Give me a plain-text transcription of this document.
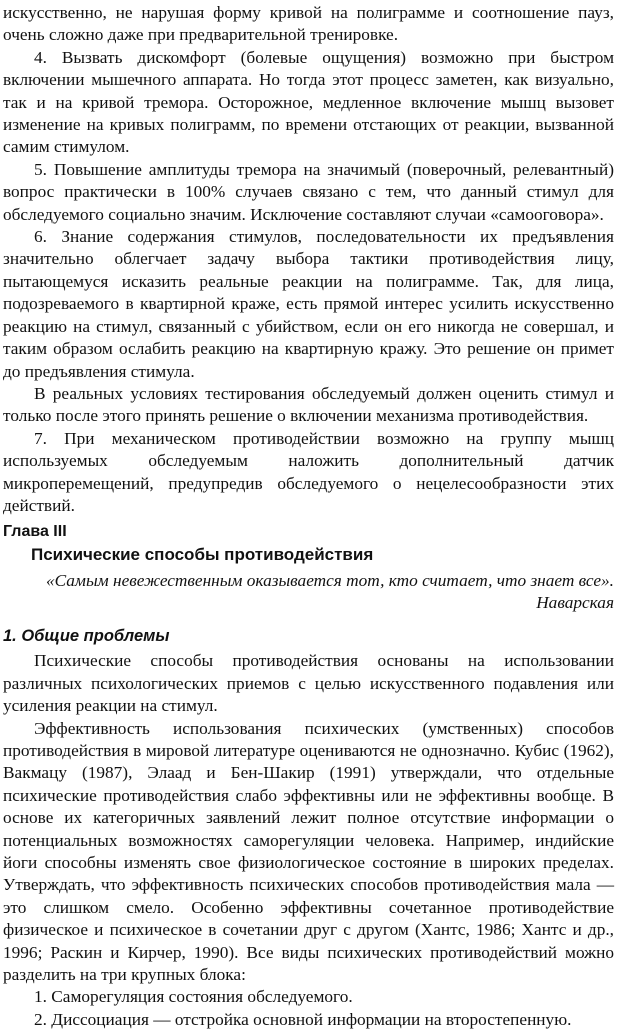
искусственно, не нарушая форму кривой на полиграмме и соотношение пауз, очень сложно даже при предварительной тренировке.

4. Вызвать дискомфорт (болевые ощущения) возможно при быстром включении мышечного аппарата. Но тогда этот процесс заметен, как визуально, так и на кривой тремора. Осторожное, медленное включение мышц вызовет изменение на кривых полиграмм, по времени отстающих от реакции, вызванной самим стимулом.

5. Повышение амплитуды тремора на значимый (поверочный, релевантный) вопрос практически в 100% случаев связано с тем, что данный стимул для обследуемого социально значим. Исключение составляют случаи «самооговора».

6. Знание содержания стимулов, последовательности их предъявления значительно облегчает задачу выбора тактики противодействия лицу, пытающемуся исказить реальные реакции на полиграмме. Так, для лица, подозреваемого в квартирной краже, есть прямой интерес усилить искусственно реакцию на стимул, связанный с убийством, если он его никогда не совершал, и таким образом ослабить реакцию на квартирную кражу. Это решение он примет до предъявления стимула.

В реальных условиях тестирования обследуемый должен оценить стимул и только после этого принять решение о включении механизма противодействия.

7. При механическом противодействии возможно на группу мышц используемых обследуемым наложить дополнительный датчик микроперемещений, предупредив обследуемого о нецелесообразности этих действий.

Глава III
Психические способы противодействия
«Самым невежественным оказывается тот, кто считает, что знает все».
Наварская
1. Общие проблемы

Психические способы противодействия основаны на использовании различных психологических приемов с целью искусственного подавления или усиления реакции на стимул.

Эффективность использования психических (умственных) способов противодействия в мировой литературе оцениваются не однозначно. Кубис (1962), Вакмацу (1987), Элаад и Бен-Шакир (1991) утверждали, что отдельные психические противодействия слабо эффективны или не эффективны вообще. В основе их категоричных заявлений лежит полное отсутствие информации о потенциальных возможностях саморегуляции человека. Например, индийские йоги способны изменять свое физиологическое состояние в широких пределах. Утверждать, что эффективность психических способов противодействия мала — это слишком смело. Особенно эффективны сочетанное противодействие физическое и психическое в сочетании друг с другом (Хантс, 1986; Хантс и др., 1996; Раскин и Кирчер, 1990). Все виды психических противодействий можно разделить на три крупных блока:

1. Саморегуляция состояния обследуемого.

2. Диссоциация — отстройка основной информации на второстепенную.
